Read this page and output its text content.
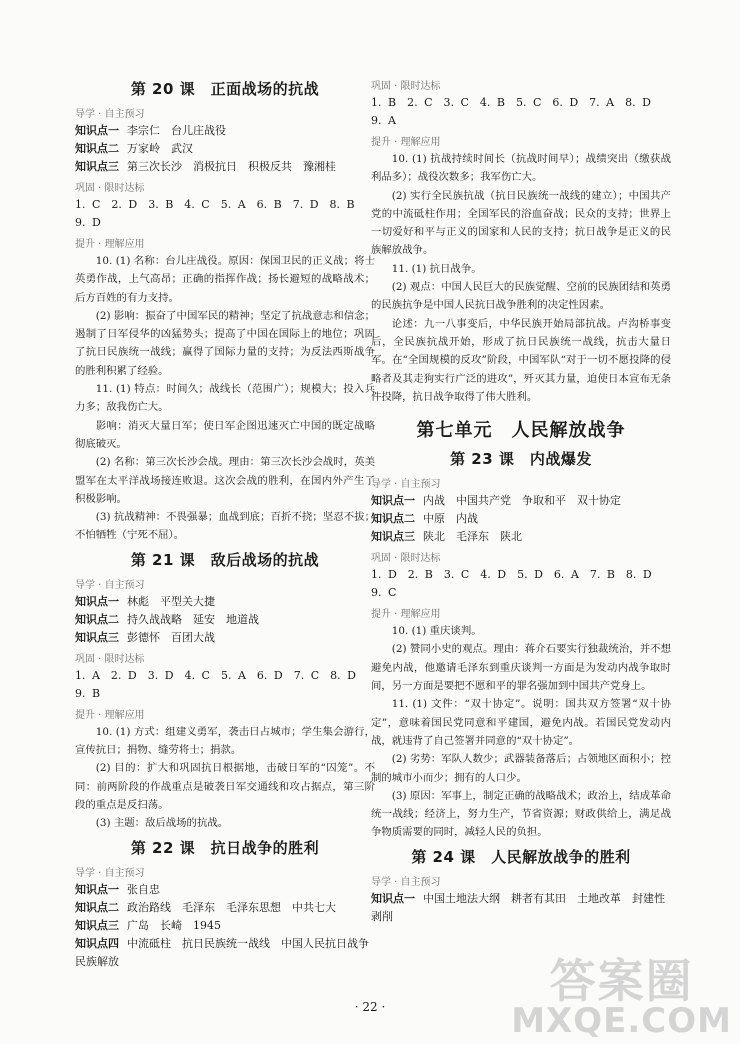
第 20 课　正面战场的抗战
导学 · 自主预习
知识点一 李宗仁　台儿庄战役
知识点二 万家岭　武汉
知识点三 第三次长沙　消极抗日　积极反共　豫湘桂
巩固 · 限时达标
1. C　2. D　3. B　4. C　5. A　6. B　7. D　8. B　9. D
提升 · 理解应用

10. (1) 名称：台儿庄战役。原因：保国卫民的正义战；将士英勇作战，上气高昂；正确的指挥作战；扬长避短的战略战术；后方百姓的有力支持。

(2) 影响：振奋了中国军民的精神；坚定了抗战意志和信念；遏制了日军侵华的凶猛势头；提高了中国在国际上的地位；巩固了抗日民族统一战线；赢得了国际力量的支持；为反法西斯战争的胜利积累了经验。

11. (1) 特点：时间久；战线长（范围广）；规模大；投入兵力多；敌我伤亡大。

影响：消灭大量日军；使日军企图迅速灭亡中国的既定战略彻底破灭。

(2) 名称：第三次长沙会战。理由：第三次长沙会战时，英美盟军在太平洋战场接连败退。这次会战的胜利，在国内外产生了积极影响。

(3) 抗战精神：不畏强暴；血战到底；百折不挠；坚忍不拔；不怕牺牲（宁死不屈）。

第 21 课　敌后战场的抗战
导学 · 自主预习
知识点一 林彪　平型关大捷
知识点二 持久战战略　延安　地道战
知识点三 彭德怀　百团大战
巩固 · 限时达标
1. A　2. D　3. D　4. C　5. A　6. D　7. C　8. D　9. B
提升 · 理解应用

10. (1) 方式：组建义勇军，袭击日占城市；学生集会游行，宣传抗日；捐物、缝劳将士；捐款。

(2) 目的：扩大和巩固抗日根据地，击破日军的“囚笼”。不同：前两阶段的作战重点是破袭日军交通线和攻占据点，第三阶段的重点是反扫荡。

(3) 主题：敌后战场的抗战。

第 22 课　抗日战争的胜利
导学 · 自主预习
知识点一 张自忠
知识点二 政治路线　毛泽东　毛泽东思想　中共七大
知识点三 广岛　长崎　1945
知识点四 中流砥柱　抗日民族统一战线　中国人民抗日战争　民族解放
巩固 · 限时达标
1. B　2. C　3. C　4. B　5. C　6. D　7. A　8. D　9. A
提升 · 理解应用

10. (1) 抗战持续时间长（抗战时间早）；战绩突出（缴获战利品多）；战役次数多；我军伤亡大。

(2) 实行全民族抗战（抗日民族统一战线的建立）；中国共产党的中流砥柱作用；全国军民的浴血奋战；民众的支持；世界上一切爱好和平与正义的国家和人民的支持；抗日战争是正义的民族解放战争。

11. (1) 抗日战争。

(2) 观点：中国人民巨大的民族觉醒、空前的民族团结和英勇的民族抗争是中国人民抗日战争胜利的决定性因素。

论述：九一八事变后，中华民族开始局部抗战。卢沟桥事变后，全民族抗战开始，形成了抗日民族统一战线，抗击大量日军。在“全国规模的反攻”阶段，中国军队“对于一切不愿投降的侵略者及其走狗实行广泛的进攻”，歼灭其力量，迫使日本宣布无条件投降，抗日战争取得了伟大胜利。

第七单元　人民解放战争
第 23 课　内战爆发
导学 · 自主预习
知识点一 内战　中国共产党　争取和平　双十协定
知识点二 中原　内战
知识点三 陕北　毛泽东　陕北
巩固 · 限时达标
1. D　2. B　3. C　4. D　5. D　6. A　7. B　8. D　9. C
提升 · 理解应用

10. (1) 重庆谈判。

(2) 赞同小史的观点。理由：蒋介石要实行独裁统治，并不想避免内战，他邀请毛泽东到重庆谈判一方面是为发动内战争取时间，另一方面是要把不愿和平的罪名强加到中国共产党身上。

11. (1) 文件：“双十协定”。说明：国共双方签署“双十协定”，意味着国民党同意和平建国，避免内战。若国民党发动内战，就违背了自己签署并同意的“双十协定”。

(2) 劣势：军队人数少；武器装备落后；占领地区面积小；控制的城市小而少；拥有的人口少。

(3) 原因：军事上，制定正确的战略战术；政治上，结成革命统一战线；经济上，努力生产，节省资源；财政供给上，满足战争物质需要的同时，减轻人民的负担。

第 24 课　人民解放战争的胜利
导学 · 自主预习
知识点一 中国土地法大纲　耕者有其田　土地改革　封建性剥削
· 22 ·	答案圈
MXQE.COM
